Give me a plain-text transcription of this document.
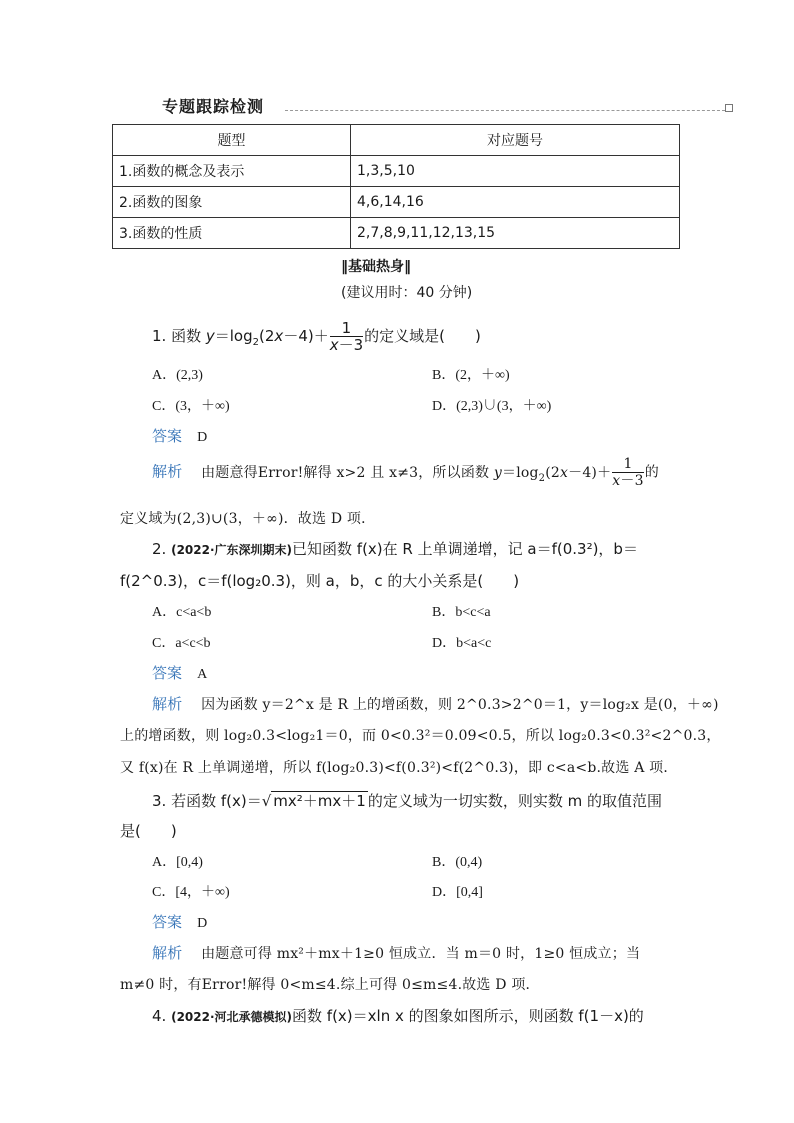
专题跟踪检测
题型	对应题号
1.函数的概念及表示	1,3,5,10
2.函数的图象	4,6,14,16
3.函数的性质	2,7,8,9,11,12,13,15
‖基础热身‖
(建议用时：40 分钟)
1. 函数 $y=\log_2(2x-4)+ \frac{1}{x-3}$ 的定义域是(　　)
A．(2,3)	B．(2，＋∞)
C．(3，＋∞)	D．(2,3)∪(3，＋∞)
答案 D
解析 由题意得Error!解得 x>2 且 x≠3，所以函数 $y=\log_2(2x-4)+ \frac{1}{x-3}$ 的
定义域为(2,3)∪(3，＋∞)．故选 D 项．
2. (2022·广东深圳期末)已知函数 f(x)在 R 上单调递增，记 a＝f(0.3²)，b＝
f(2^0.3)，c＝f(log₂0.3)，则 a，b，c 的大小关系是(　　)
A．c<a<b	B．b<c<a
C．a<c<b	D．b<a<c
答案 A
解析 因为函数 y＝2^x 是 R 上的增函数，则 2^0.3>2^0＝1，y＝log₂x 是(0，＋∞)
上的增函数，则 log₂0.3<log₂1＝0，而 0<0.3²＝0.09<0.5，所以 log₂0.3<0.3²<2^0.3，
又 f(x)在 R 上单调递增，所以 f(log₂0.3)<f(0.3²)<f(2^0.3)，即 c<a<b.故选 A 项．
3. 若函数 f(x)＝√ mx²＋mx＋1 的定义域为一切实数，则实数 m 的取值范围
是(　　)
A．[0,4)	B．(0,4)
C．[4，＋∞)	D．[0,4]
答案 D
解析 由题意可得 mx²＋mx＋1≥0 恒成立．当 m＝0 时，1≥0 恒成立；当
m≠0 时，有Error!解得 0<m≤4.综上可得 0≤m≤4.故选 D 项．
4. (2022·河北承德模拟)函数 f(x)＝xln x 的图象如图所示，则函数 f(1－x)的
